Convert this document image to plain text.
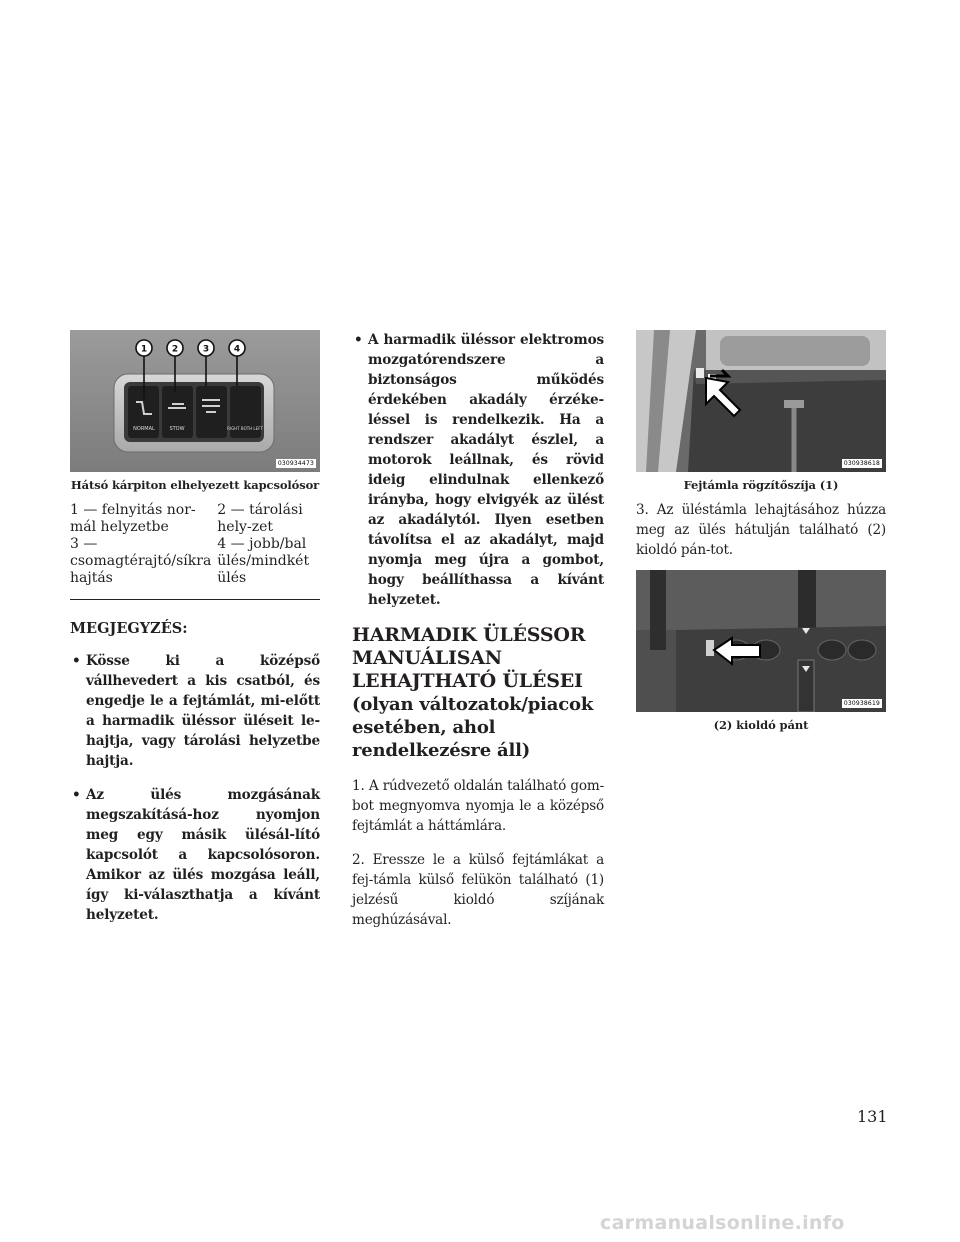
NORMAL	STOW	RIGHT BOTH LEFT
1	2	3	4
030934473
Hátsó kárpiton elhelyezett kapcsolósor
1 — felnyitás nor-mál helyzetbe
2 — tárolási hely-zet
3 — csomagtérajtó/síkra hajtás
4 — jobb/bal ülés/mindkét ülés
MEGJEGYZÉS:
• Kösse ki a középső vállhevedert a kis csatból, és engedje le a fejtámlát, mi-előtt a harmadik üléssor üléseit le-hajtja, vagy tárolási helyzetbe hajtja.
• Az ülés mozgásának megszakításá-hoz nyomjon meg egy másik ülésál-lító kapcsolót a kapcsolósoron. Amikor az ülés mozgása leáll, így ki-választhatja a kívánt helyzetet.
• A harmadik üléssor elektromos mozgatórendszere a biztonságos működés érdekében akadály érzéke-léssel is rendelkezik. Ha a rendszer akadályt észlel, a motorok leállnak, és rövid ideig elindulnak ellenkező irányba, hogy elvigyék az ülést az akadálytól. Ilyen esetben távolítsa el az akadályt, majd nyomja meg újra a gombot, hogy beállíthassa a kívánt helyzetet.
HARMADIK ÜLÉSSOR MANUÁLISAN LEHAJTHATÓ ÜLÉSEI
(olyan változatok/piacok esetében, ahol rendelkezésre áll)
1. A rúdvezető oldalán található gom-bot megnyomva nyomja le a középső fejtámlát a háttámlára.
2. Eressze le a külső fejtámlákat a fej-támla külső felükön található (1) jelzésű kioldó szíjának meghúzásával.
030938618
Fejtámla rögzítőszíja (1)
3. Az üléstámla lehajtásához húzza meg az ülés hátulján található (2) kioldó pán-tot.
030938619
(2) kioldó pánt
131
carmanualsonline.info
